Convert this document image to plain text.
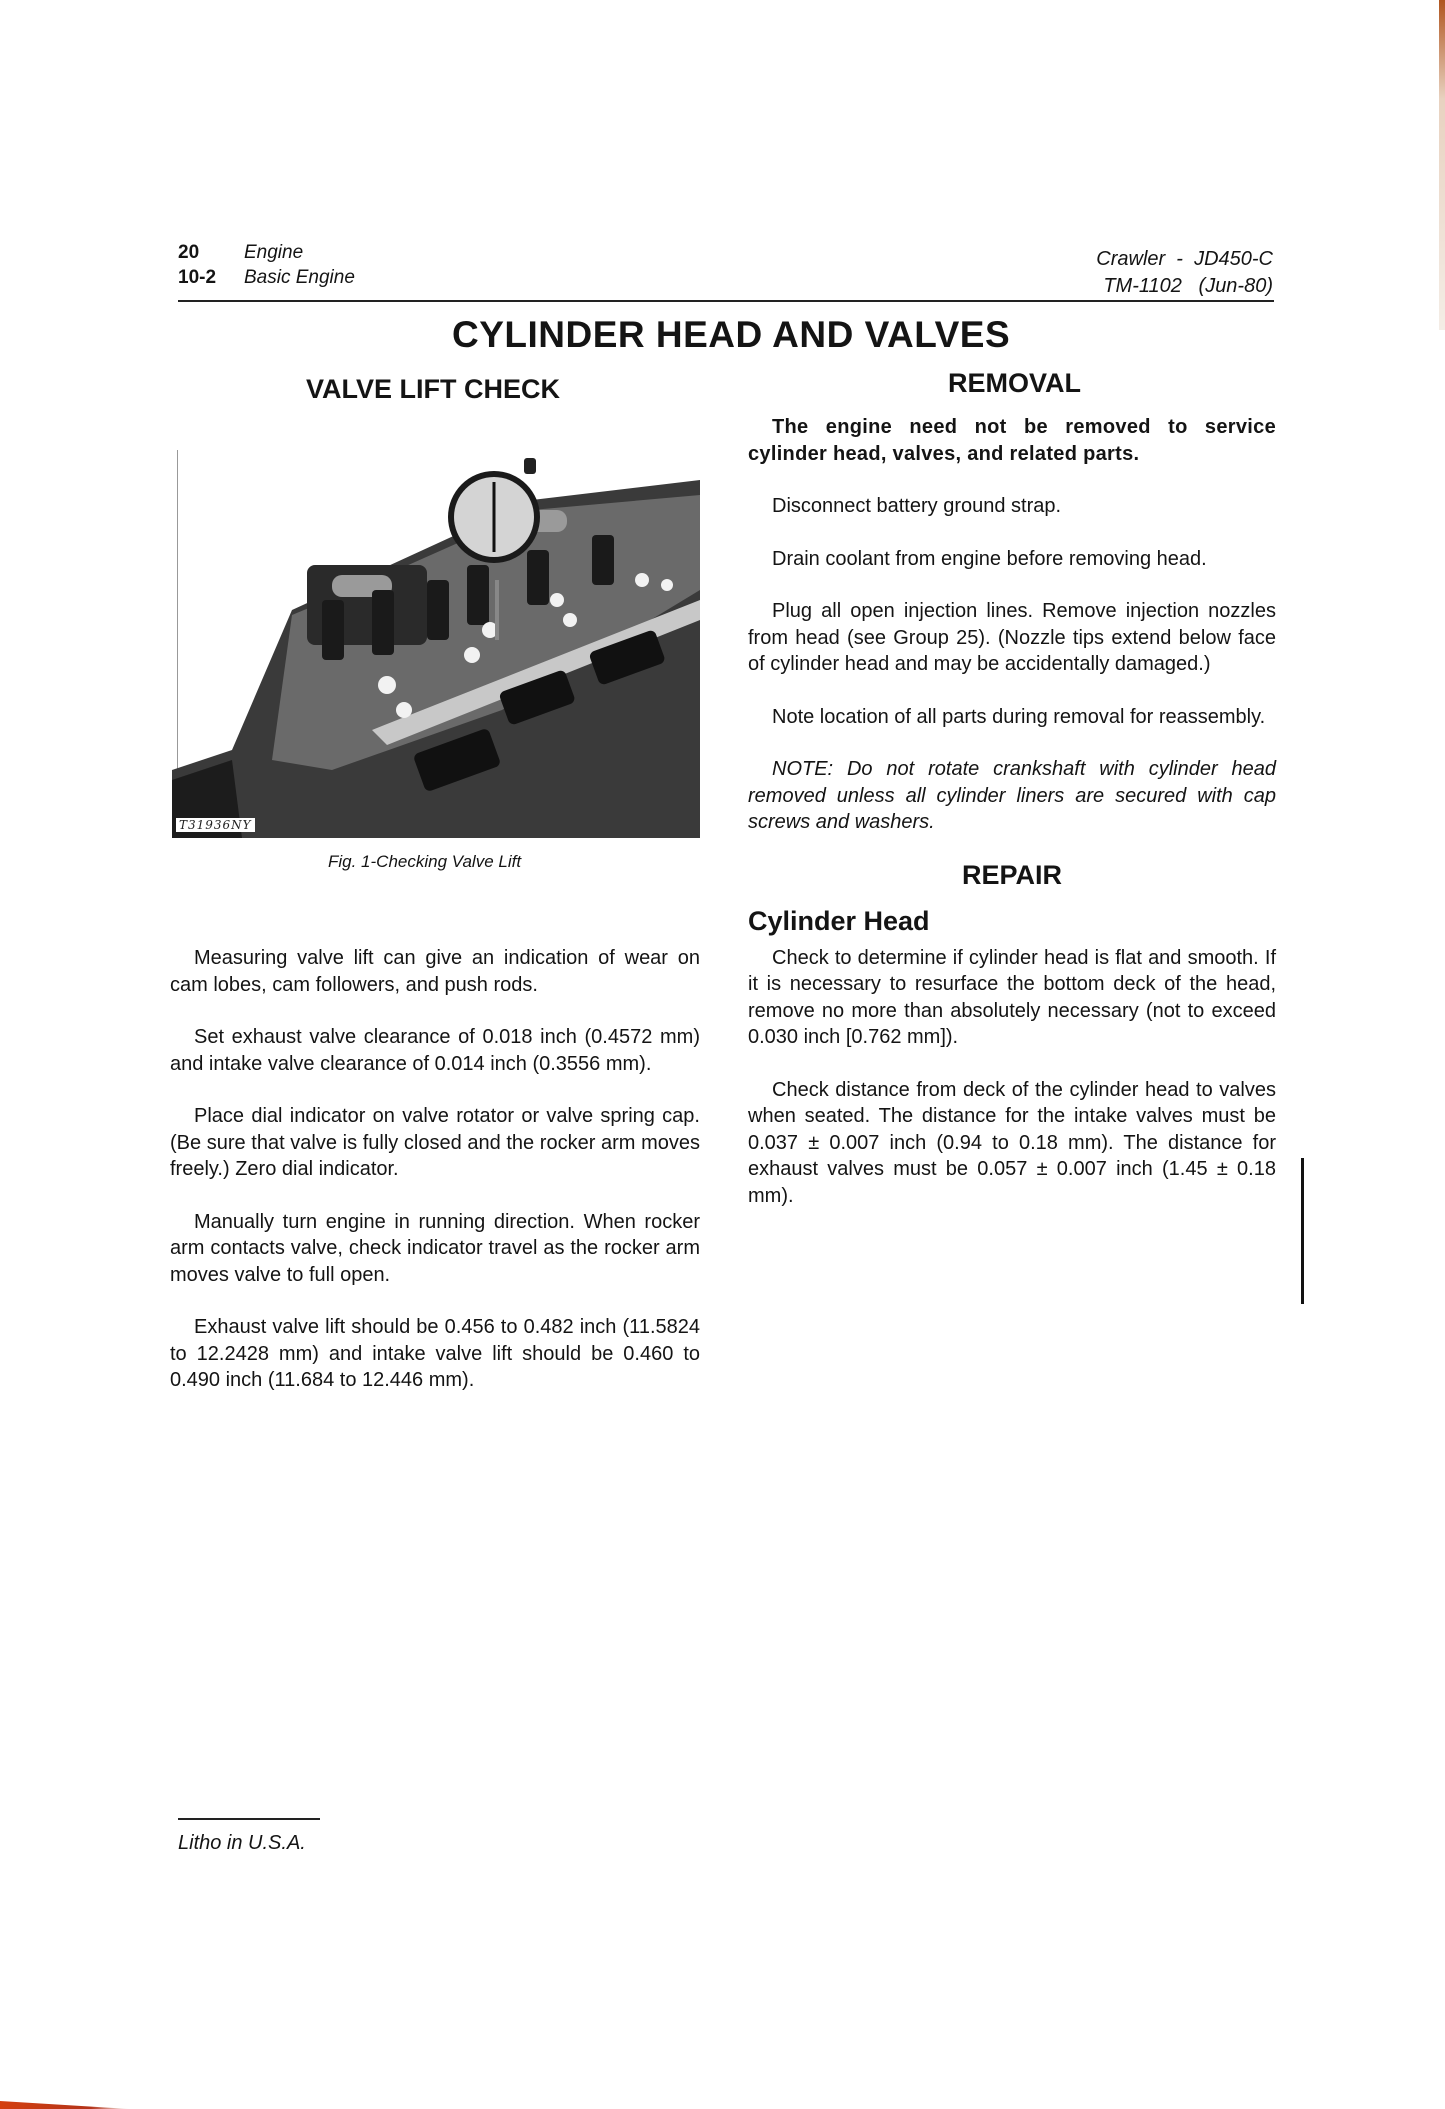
20	Engine
10-2	Basic Engine
Crawler  -  JD450-C
TM-1102   (Jun-80)
CYLINDER HEAD AND VALVES
VALVE LIFT CHECK
T31936NY
Fig. 1-Checking Valve Lift

Measuring valve lift can give an indication of wear on cam lobes, cam followers, and push rods.

Set exhaust valve clearance of 0.018 inch (0.4572 mm) and intake valve clearance of 0.014 inch (0.3556 mm).

Place dial indicator on valve rotator or valve spring cap. (Be sure that valve is fully closed and the rocker arm moves freely.) Zero dial indicator.

Manually turn engine in running direction. When rocker arm contacts valve, check indicator travel as the rocker arm moves valve to full open.

Exhaust valve lift should be 0.456 to 0.482 inch (11.5824 to 12.2428 mm) and intake valve lift should be 0.460 to 0.490 inch (11.684 to 12.446 mm).

REMOVAL

The engine need not be removed to service cylinder head, valves, and related parts.

Disconnect battery ground strap.

Drain coolant from engine before removing head.

Plug all open injection lines. Remove injection nozzles from head (see Group 25). (Nozzle tips extend below face of cylinder head and may be accidentally damaged.)

Note location of all parts during removal for reassembly.

NOTE: Do not rotate crankshaft with cylinder head removed unless all cylinder liners are secured with cap screws and washers.

REPAIR
Cylinder Head

Check to determine if cylinder head is flat and smooth. If it is necessary to resurface the bottom deck of the head, remove no more than absolutely necessary (not to exceed 0.030 inch [0.762 mm]).

Check distance from deck of the cylinder head to valves when seated. The distance for the intake valves must be 0.037 ± 0.007 inch (0.94 to 0.18 mm). The distance for exhaust valves must be 0.057 ± 0.007 inch (1.45 ± 0.18 mm).

Litho in U.S.A.
